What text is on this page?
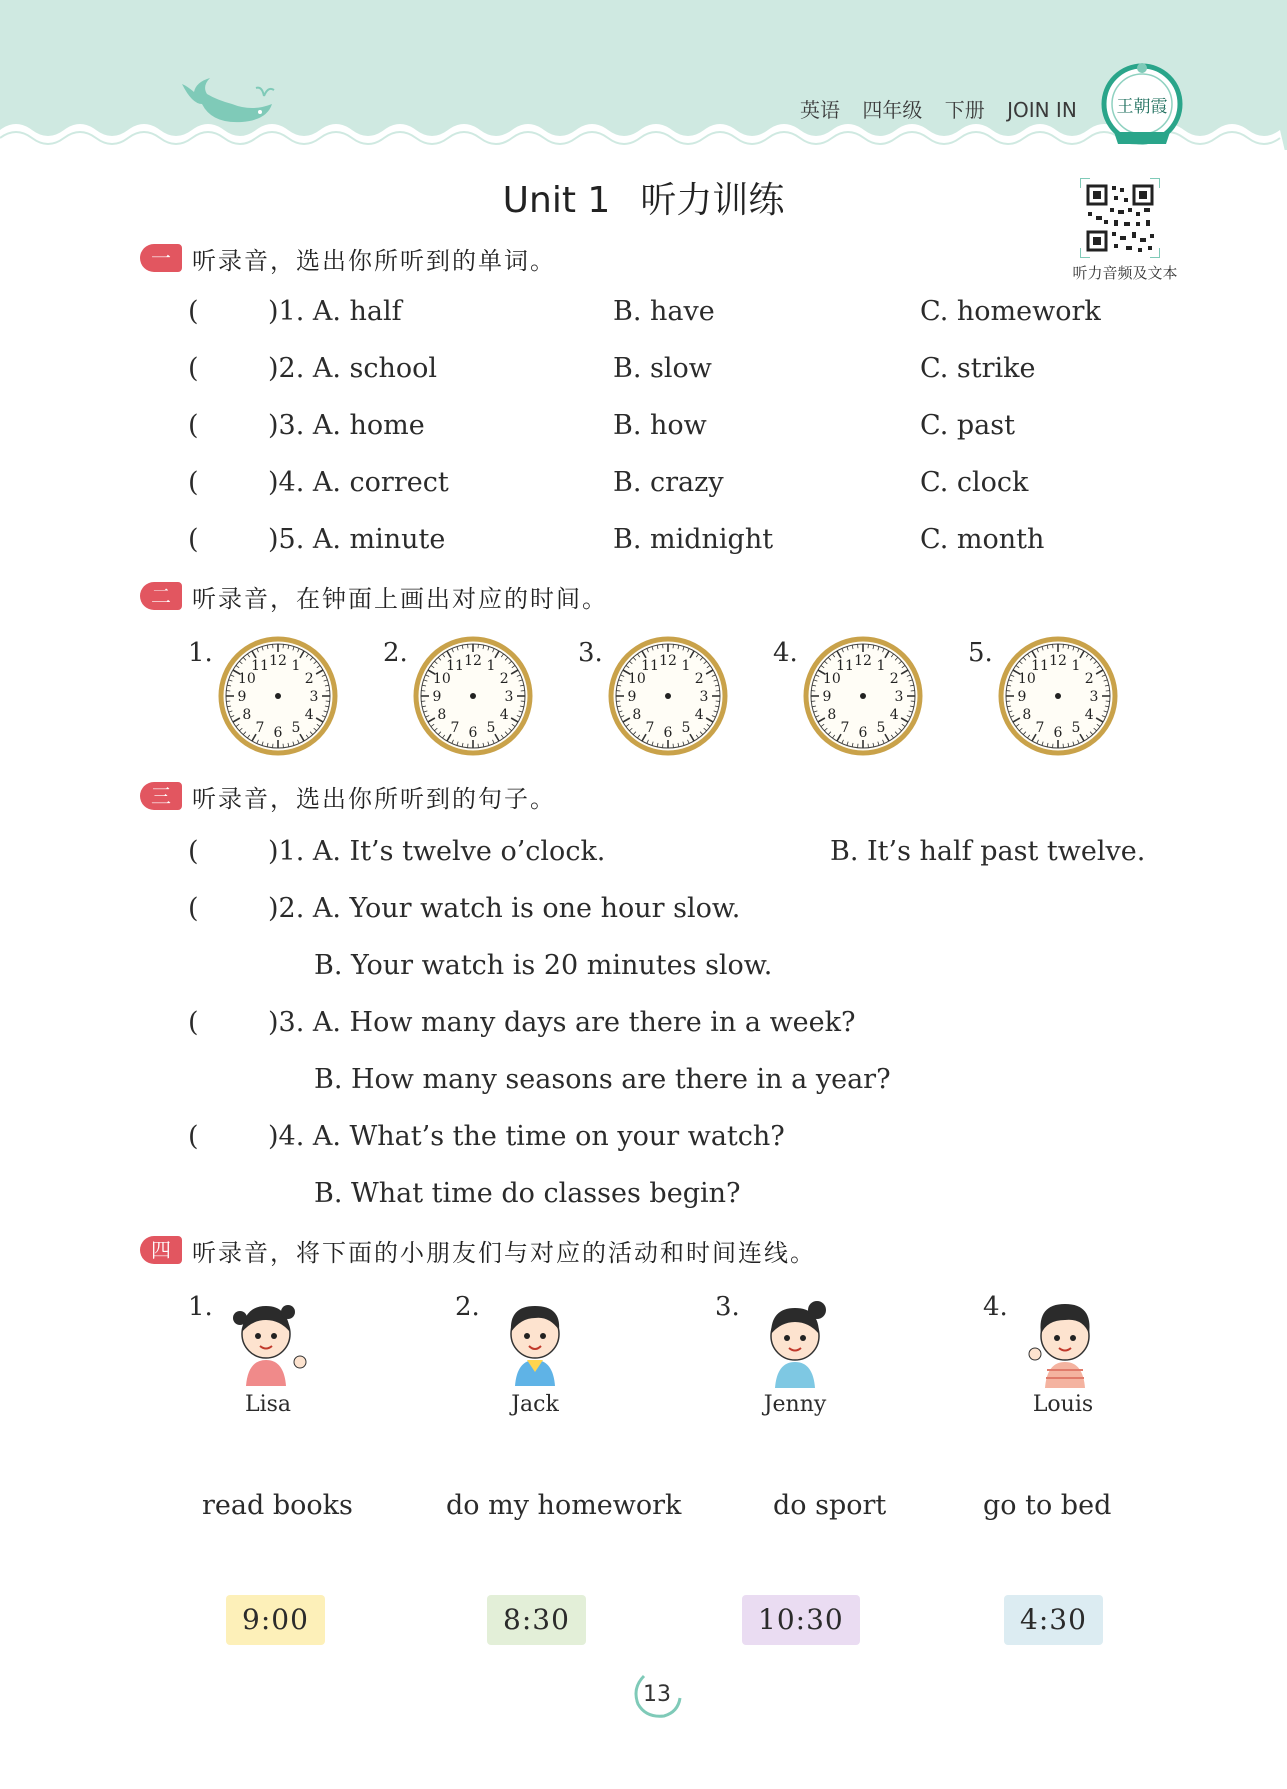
英语 四年级 下册 JOIN IN	王朝霞
Unit 1 听力训练
听力音频及文本
一 听录音，选出你所听到的单词。
(	)1. A. half	B. have	C. homework
(	)2. A. school	B. slow	C. strike
(	)3. A. home	B. how	C. past
(	)4. A. correct	B. crazy	C. clock
(	)5. A. minute	B. midnight	C. month
二 听录音，在钟面上画出对应的时间。
1.	12 1
2
3
4
5
6
7
8
9
10
11	2.	12 1
2
3
4
5
6
7
8
9
10
11	3.	12 1
2
3
4
5
6
7
8
9
10
11	4.	12 1
2
3
4
5
6
7
8
9
10
11	5.	12 1
2
3
4
5
6
7
8
9
10
11
三 听录音，选出你所听到的句子。
(	)1. A. It’s twelve o’clock.	B. It’s half past twelve.
(	)2. A. Your watch is one hour slow.
B. Your watch is 20 minutes slow.
(	)3. A. How many days are there in a week?
B. How many seasons are there in a year?
(	)4. A. What’s the time on your watch?
B. What time do classes begin?
四 听录音，将下面的小朋友们与对应的活动和时间连线。
1.
Lisa
2.
Jack
3.
Jenny
4.
Louis
read books	do my homework	do sport	go to bed
9:00	8:30	10:30	4:30
13
